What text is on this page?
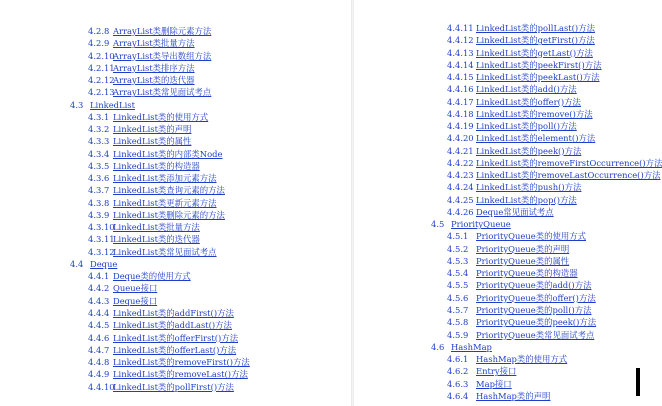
4.2.8 ArrayList类删除元素方法
4.2.9 ArrayList类批量方法
4.2.10ArrayList类导出数组方法
4.2.11ArrayList类排序方法
4.2.12ArrayList类的迭代器
4.2.13ArrayList类常见面试考点
4.3 LinkedList
4.3.1 LinkedList类的使用方式
4.3.2 LinkedList类的声明
4.3.3 LinkedList类的属性
4.3.4 LinkedList类的内部类Node
4.3.5 LinkedList类的构造器
4.3.6 LinkedList类添加元素方法
4.3.7 LinkedList类查询元素的方法
4.3.8 LinkedList类更新元素方法
4.3.9 LinkedList类删除元素的方法
4.3.10LinkedList类批量方法
4.3.11LinkedList类的迭代器
4.3.12LinkedList类常见面试考点
4.4 Deque
4.4.1 Deque类的使用方式
4.4.2 Queue接口
4.4.3 Deque接口
4.4.4 LinkedList类的addFirst()方法
4.4.5 LinkedList类的addLast()方法
4.4.6 LinkedList类的offerFirst()方法
4.4.7 LinkedList类的offerLast()方法
4.4.8 LinkedList类的removeFirst()方法
4.4.9 LinkedList类的removeLast()方法
4.4.10LinkedList类的pollFirst()方法
4.4.11 LinkedList类的pollLast()方法
4.4.12 LinkedList类的getFirst()方法
4.4.13 LinkedList类的getLast()方法
4.4.14 LinkedList类的peekFirst()方法
4.4.15 LinkedList类的peekLast()方法
4.4.16 LinkedList类的add()方法
4.4.17 LinkedList类的offer()方法
4.4.18 LinkedList类的remove()方法
4.4.19 LinkedList类的poll()方法
4.4.20 LinkedList类的element()方法
4.4.21 LinkedList类的peek()方法
4.4.22 LinkedList类的removeFirstOccurrence()方法
4.4.23 LinkedList类的removeLastOccurrence()方法
4.4.24 LinkedList类的push()方法
4.4.25 LinkedList类的pop()方法
4.4.26 Deque常见面试考点
4.5 PriorityQueue
4.5.1 PriorityQueue类的使用方式
4.5.2 PriorityQueue类的声明
4.5.3 PriorityQueue类的属性
4.5.4 PriorityQueue类的构造器
4.5.5 PriorityQueue类的add()方法
4.5.6 PriorityQueue类的offer()方法
4.5.7 PriorityQueue类的poll()方法
4.5.8 PriorityQueue类的peek()方法
4.5.9 PriorityQueue类常见面试考点
4.6 HashMap
4.6.1 HashMap类的使用方式
4.6.2 Entry接口
4.6.3 Map接口
4.6.4 HashMap类的声明
